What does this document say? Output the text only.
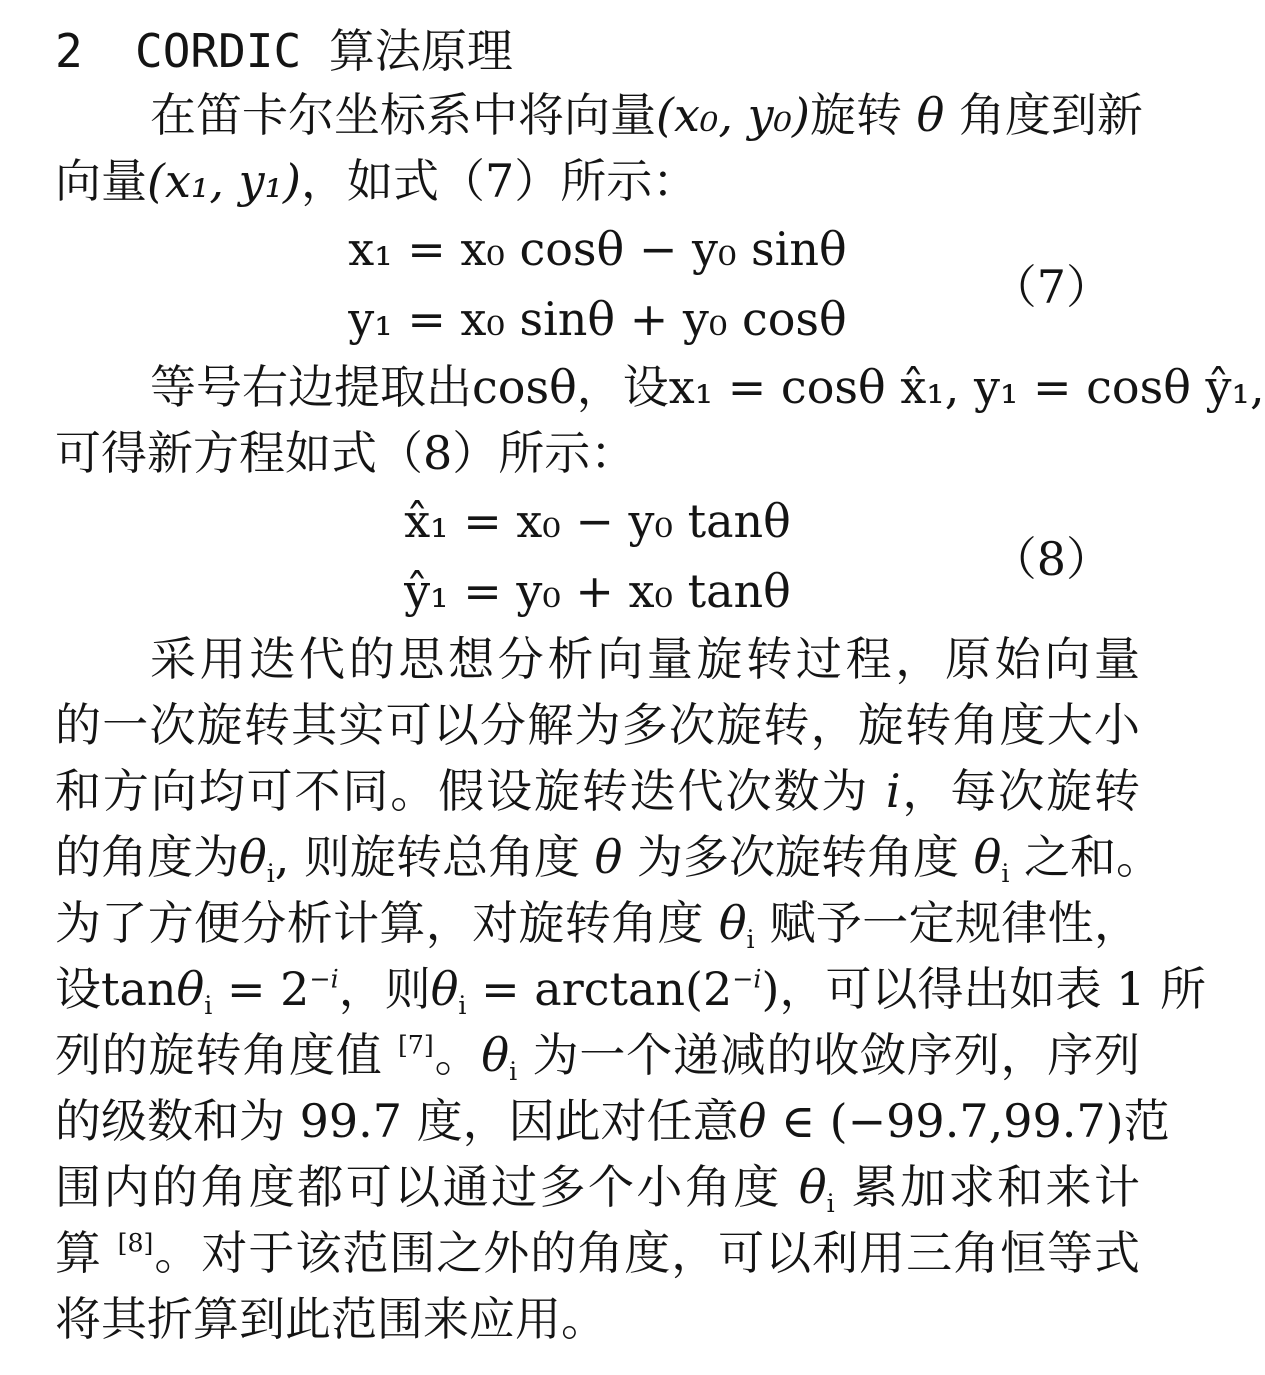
2 CORDIC 算法原理

在笛卡尔坐标系中将向量(x₀, y₀)旋转 θ 角度到新
向量(x₁, y₁)，如式（7）所示：

x₁ = x₀ cosθ − y₀ sinθ
y₁ = x₀ sinθ + y₀ cosθ
（7）

等号右边提取出cosθ，设x₁ = cosθ x̂₁, y₁ = cosθ ŷ₁,
可得新方程如式（8）所示：

x̂₁ = x₀ − y₀ tanθ
ŷ₁ = y₀ + x₀ tanθ
（8）

采用迭代的思想分析向量旋转过程，原始向量
的一次旋转其实可以分解为多次旋转，旋转角度大小
和方向均可不同。假设旋转迭代次数为 i，每次旋转
的角度为$\theta_i$, 则旋转总角度 θ 为多次旋转角度 $\theta_i$ 之和。
为了方便分析计算，对旋转角度 $\theta_i$ 赋予一定规律性，
设$\tan\theta_i = 2^{-i}$，则$\theta_i = \arctan(2^{-i})$，可以得出如表 1 所
列的旋转角度值 [7]。$\theta_i$ 为一个递减的收敛序列，序列
的级数和为 99.7 度，因此对任意θ ∈ (−99.7,99.7)范
围内的角度都可以通过多个小角度 $\theta_i$ 累加求和来计
算 [8]。对于该范围之外的角度，可以利用三角恒等式
将其折算到此范围来应用。
